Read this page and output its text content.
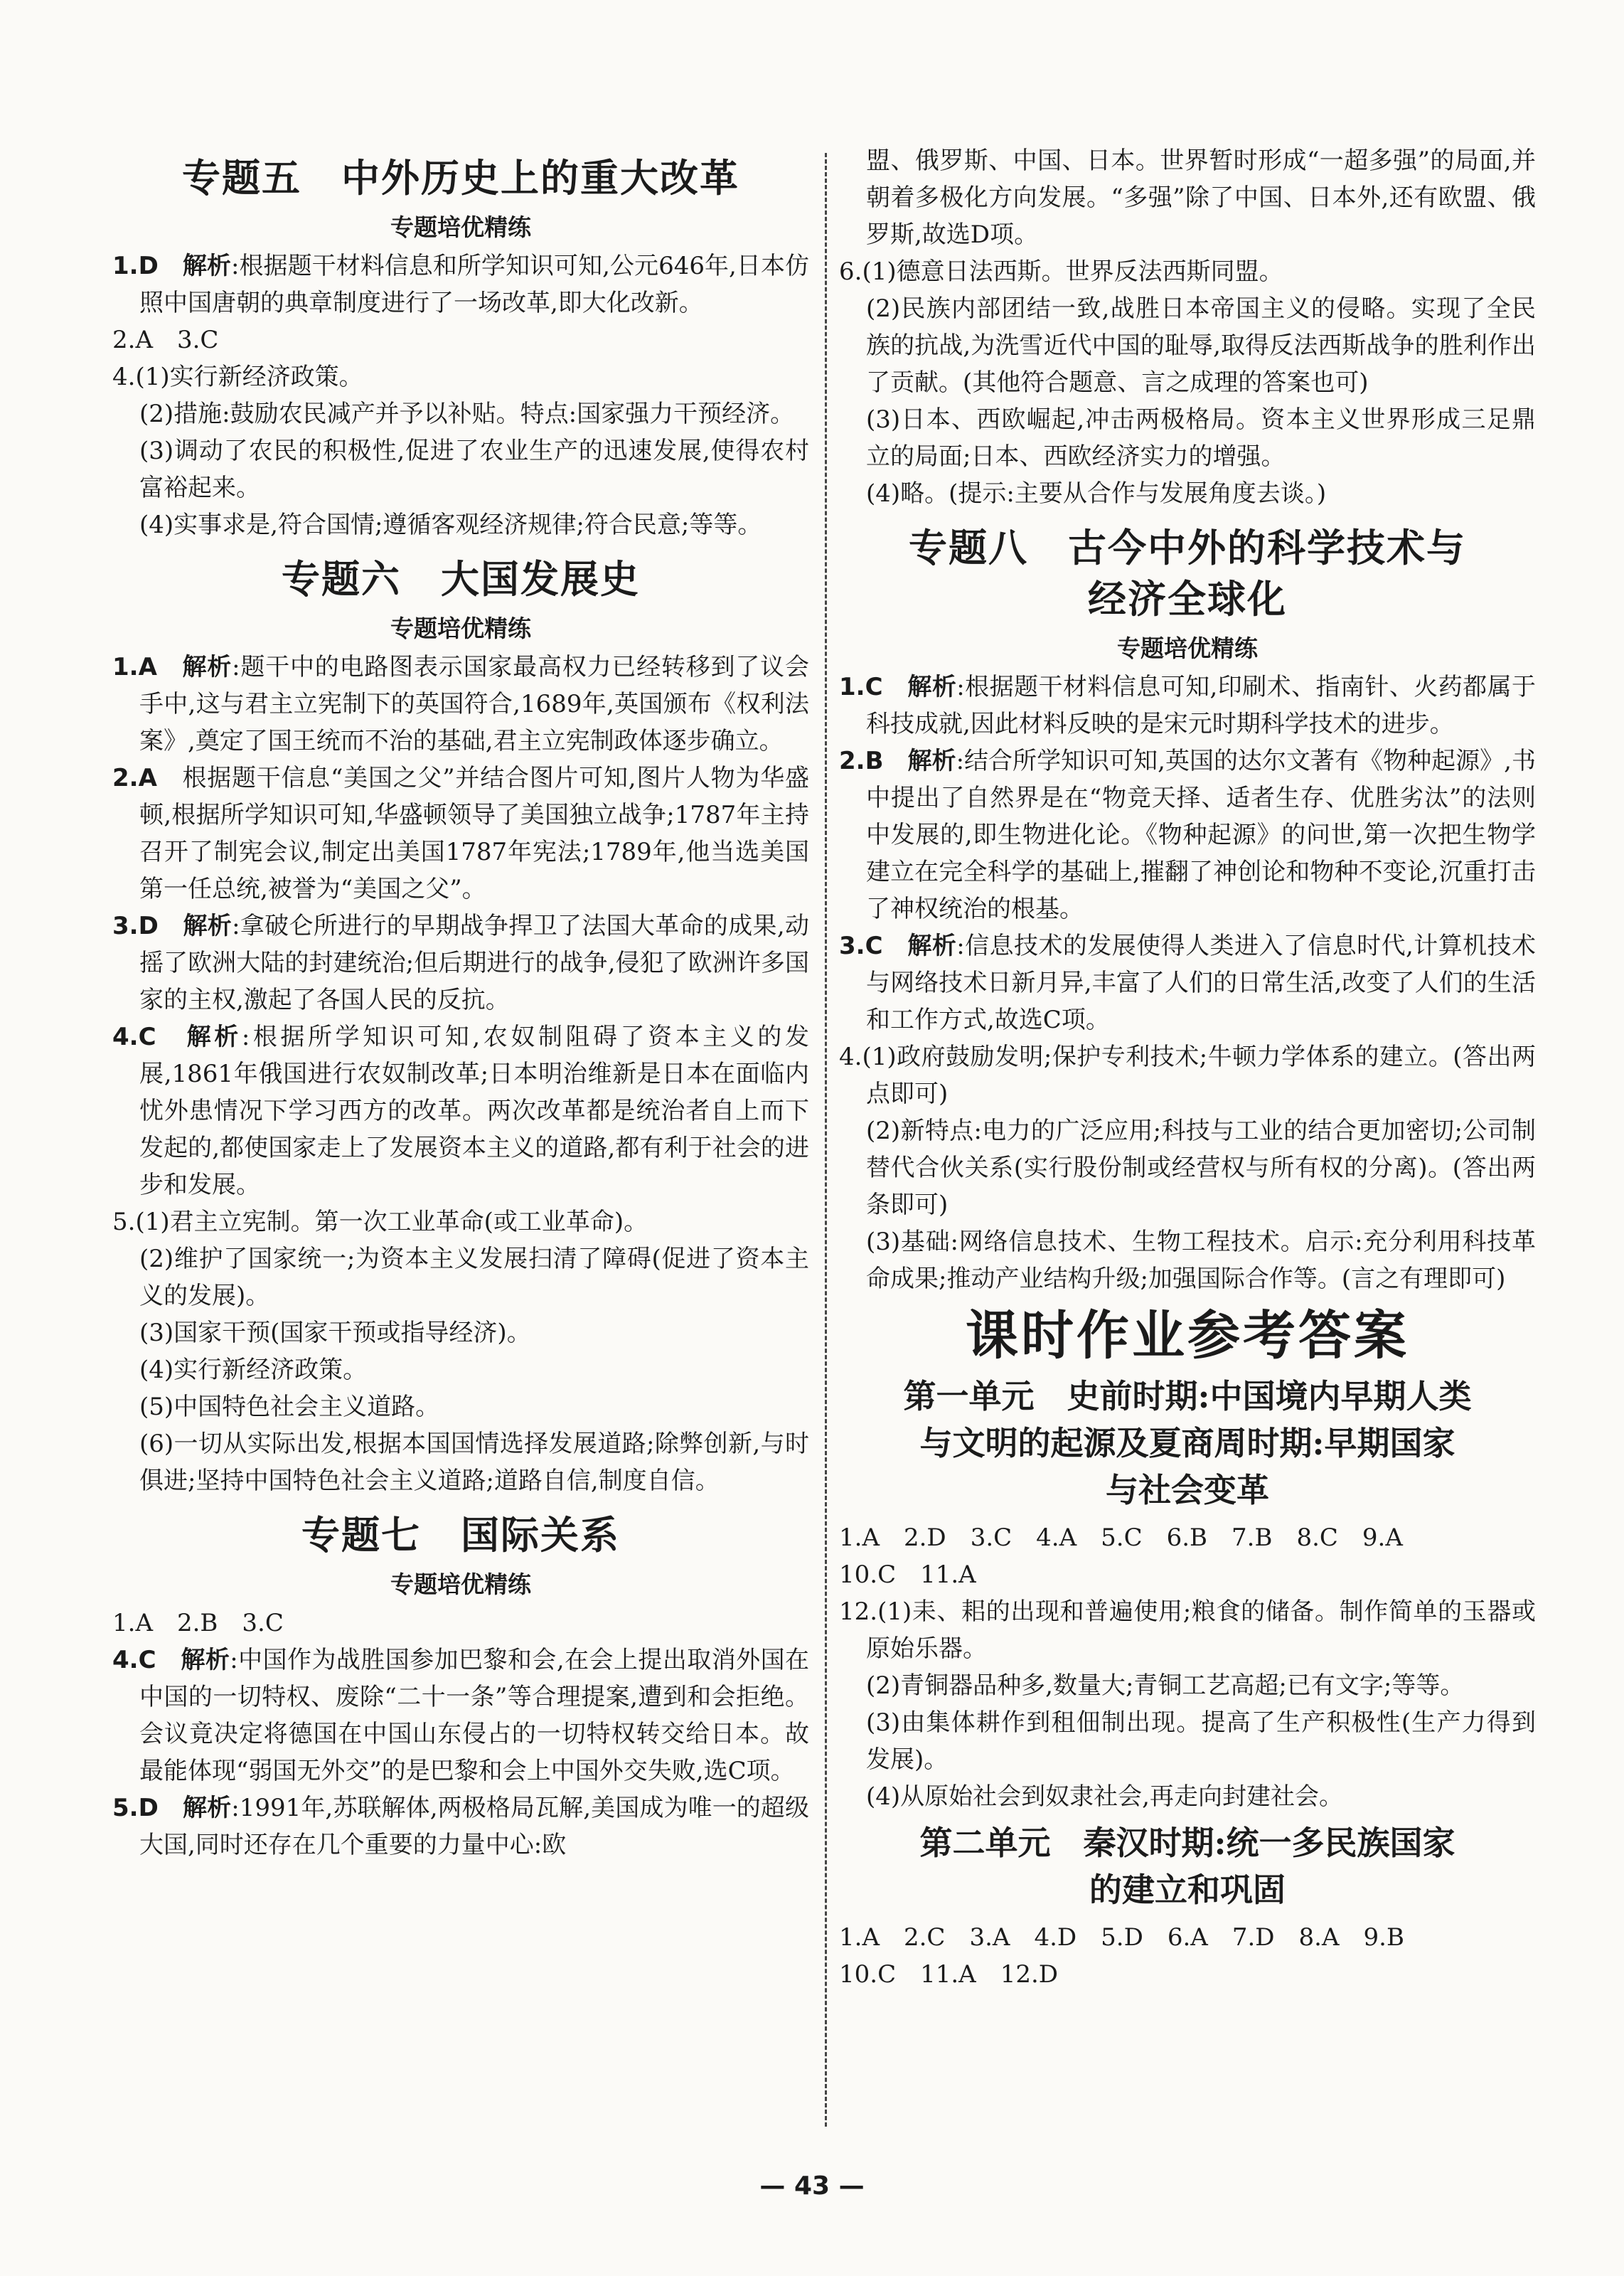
专题五　中外历史上的重大改革
专题培优精练

1.D　解析:根据题干材料信息和所学知识可知,公元646年,日本仿照中国唐朝的典章制度进行了一场改革,即大化改新。

2.A　3.C

4.(1)实行新经济政策。

(2)措施:鼓励农民减产并予以补贴。特点:国家强力干预经济。

(3)调动了农民的积极性,促进了农业生产的迅速发展,使得农村富裕起来。

(4)实事求是,符合国情;遵循客观经济规律;符合民意;等等。

专题六　大国发展史
专题培优精练

1.A　解析:题干中的电路图表示国家最高权力已经转移到了议会手中,这与君主立宪制下的英国符合,1689年,英国颁布《权利法案》,奠定了国王统而不治的基础,君主立宪制政体逐步确立。

2.A　根据题干信息“美国之父”并结合图片可知,图片人物为华盛顿,根据所学知识可知,华盛顿领导了美国独立战争;1787年主持召开了制宪会议,制定出美国1787年宪法;1789年,他当选美国第一任总统,被誉为“美国之父”。

3.D　解析:拿破仑所进行的早期战争捍卫了法国大革命的成果,动摇了欧洲大陆的封建统治;但后期进行的战争,侵犯了欧洲许多国家的主权,激起了各国人民的反抗。

4.C　解析:根据所学知识可知,农奴制阻碍了资本主义的发展,1861年俄国进行农奴制改革;日本明治维新是日本在面临内忧外患情况下学习西方的改革。两次改革都是统治者自上而下发起的,都使国家走上了发展资本主义的道路,都有利于社会的进步和发展。

5.(1)君主立宪制。第一次工业革命(或工业革命)。

(2)维护了国家统一;为资本主义发展扫清了障碍(促进了资本主义的发展)。

(3)国家干预(国家干预或指导经济)。

(4)实行新经济政策。

(5)中国特色社会主义道路。

(6)一切从实际出发,根据本国国情选择发展道路;除弊创新,与时俱进;坚持中国特色社会主义道路;道路自信,制度自信。

专题七　国际关系
专题培优精练

1.A　2.B　3.C

4.C　解析:中国作为战胜国参加巴黎和会,在会上提出取消外国在中国的一切特权、废除“二十一条”等合理提案,遭到和会拒绝。会议竟决定将德国在中国山东侵占的一切特权转交给日本。故最能体现“弱国无外交”的是巴黎和会上中国外交失败,选C项。

5.D　解析:1991年,苏联解体,两极格局瓦解,美国成为唯一的超级大国,同时还存在几个重要的力量中心:欧

盟、俄罗斯、中国、日本。世界暂时形成“一超多强”的局面,并朝着多极化方向发展。“多强”除了中国、日本外,还有欧盟、俄罗斯,故选D项。

6.(1)德意日法西斯。世界反法西斯同盟。

(2)民族内部团结一致,战胜日本帝国主义的侵略。实现了全民族的抗战,为洗雪近代中国的耻辱,取得反法西斯战争的胜利作出了贡献。(其他符合题意、言之成理的答案也可)

(3)日本、西欧崛起,冲击两极格局。资本主义世界形成三足鼎立的局面;日本、西欧经济实力的增强。

(4)略。(提示:主要从合作与发展角度去谈。)

专题八　古今中外的科学技术与
经济全球化
专题培优精练

1.C　解析:根据题干材料信息可知,印刷术、指南针、火药都属于科技成就,因此材料反映的是宋元时期科学技术的进步。

2.B　解析:结合所学知识可知,英国的达尔文著有《物种起源》,书中提出了自然界是在“物竞天择、适者生存、优胜劣汰”的法则中发展的,即生物进化论。《物种起源》的问世,第一次把生物学建立在完全科学的基础上,摧翻了神创论和物种不变论,沉重打击了神权统治的根基。

3.C　解析:信息技术的发展使得人类进入了信息时代,计算机技术与网络技术日新月异,丰富了人们的日常生活,改变了人们的生活和工作方式,故选C项。

4.(1)政府鼓励发明;保护专利技术;牛顿力学体系的建立。(答出两点即可)

(2)新特点:电力的广泛应用;科技与工业的结合更加密切;公司制替代合伙关系(实行股份制或经营权与所有权的分离)。(答出两条即可)

(3)基础:网络信息技术、生物工程技术。启示:充分利用科技革命成果;推动产业结构升级;加强国际合作等。(言之有理即可)

课时作业参考答案
第一单元　史前时期:中国境内早期人类
与文明的起源及夏商周时期:早期国家
与社会变革

1.A　2.D　3.C　4.A　5.C　6.B　7.B　8.C　9.A

10.C　11.A

12.(1)耒、耜的出现和普遍使用;粮食的储备。制作简单的玉器或原始乐器。

(2)青铜器品种多,数量大;青铜工艺高超;已有文字;等等。

(3)由集体耕作到租佃制出现。提高了生产积极性(生产力得到发展)。

(4)从原始社会到奴隶社会,再走向封建社会。

第二单元　秦汉时期:统一多民族国家
的建立和巩固

1.A　2.C　3.A　4.D　5.D　6.A　7.D　8.A　9.B

10.C　11.A　12.D

— 43 —
